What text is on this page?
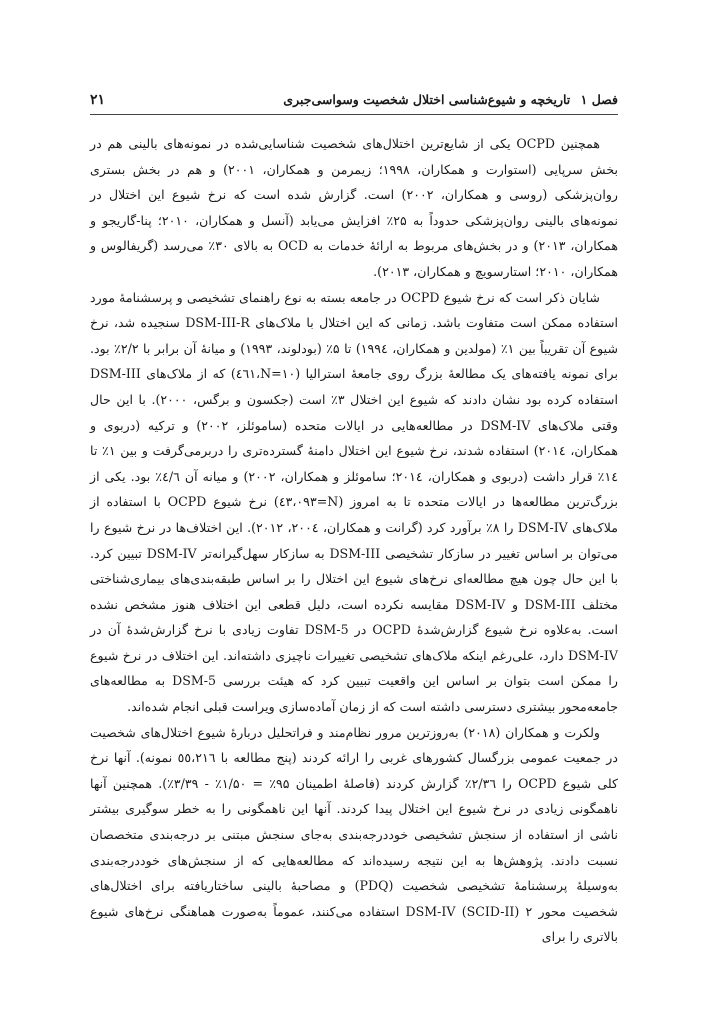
فصل ۱ تاریخچه و شیوع‌شناسی اختلال شخصیت وسواسی‌جبری
۲۱

همچنین OCPD یکی از شایع‌ترین اختلال‌های شخصیت شناسایی‌شده در نمونه‌های بالینی هم در بخش سرپایی (استوارت و همکاران، ۱۹۹۸؛ زیمرمن و همکاران، ۲۰۰۱) و هم در بخش بستری روان‌پزشکی (روسی و همکاران، ۲۰۰۲) است. گزارش شده است که نرخ شیوع این اختلال در نمونه‌های بالینی روان‌پزشکی حدوداً به ۲۵٪ افزایش می‌یابد (آنسل و همکاران، ۲۰۱۰؛ پنا-گاریجو و همکاران، ۲۰۱۳) و در بخش‌های مربوط به ارائهٔ خدمات به OCD به بالای ۳۰٪ می‌رسد (گریفالوس و همکاران، ۲۰۱۰؛ استارسویچ و همکاران، ۲۰۱۳).

شایان ذکر است که نرخ شیوع OCPD در جامعه بسته به نوع راهنمای تشخیصی و پرسشنامهٔ مورد استفاده ممکن است متفاوت باشد. زمانی که این اختلال با ملاک‌های DSM-III-R سنجیده شد، نرخ شیوع آن تقریباً بین ۱٪ (مولدین و همکاران، ۱۹۹٤) تا ۵٪ (بودلوند، ۱۹۹۳) و میانهٔ آن برابر با ۲/۲٪ بود. برای نمونه یافته‌های یک مطالعهٔ بزرگ روی جامعهٔ استرالیا (N=۱۰،٤٦۱) که از ملاک‌های DSM-III استفاده کرده بود نشان دادند که شیوع این اختلال ۳٪ است (جکسون و برگس، ۲۰۰۰). با این حال وقتی ملاک‌های DSM-IV در مطالعه‌هایی در ایالات متحده (ساموئلز، ۲۰۰۲) و ترکیه (دربوی و همکاران، ۲۰۱٤) استفاده شدند، نرخ شیوع این اختلال دامنهٔ گسترده‌تری را دربرمی‌گرفت و بین ۱٪ تا ۱٤٪ قرار داشت (دربوی و همکاران، ۲۰۱٤؛ ساموئلز و همکاران، ۲۰۰۲) و میانه آن ٤/٦٪ بود. یکی از بزرگ‌ترین مطالعه‌ها در ایالات متحده تا به امروز (N=٤۳،۰۹۳) نرخ شیوع OCPD با استفاده از ملاک‌های DSM-IV را ۸٪ برآورد کرد (گرانت و همکاران، ۲۰۰٤، ۲۰۱۲). این اختلاف‌ها در نرخ شیوع را می‌توان بر اساس تغییر در سازکار تشخیصی DSM-III به سازکار سهل‌گیرانه‌تر DSM-IV تبیین کرد. با این حال چون هیچ مطالعه‌ای نرخ‌های شیوع این اختلال را بر اساس طبقه‌بندی‌های بیماری‌شناختی مختلف DSM-III و DSM-IV مقایسه نکرده است، دلیل قطعی این اختلاف هنوز مشخص نشده است. به‌علاوه نرخ شیوع گزارش‌شدهٔ OCPD در DSM-5 تفاوت زیادی با نرخ گزارش‌شدهٔ آن در DSM-IV دارد، علی‌رغم اینکه ملاک‌های تشخیصی تغییرات ناچیزی داشته‌اند. این اختلاف در نرخ شیوع را ممکن است بتوان بر اساس این واقعیت تبیین کرد که هیئت بررسی DSM-5 به مطالعه‌های جامعه‌محور بیشتری دسترسی داشته است که از زمان آماده‌سازی ویراست قبلی انجام شده‌اند.

ولکرت و همکاران (۲۰۱۸) به‌روزترین مرور نظام‌مند و فراتحلیل دربارهٔ شیوع اختلال‌های شخصیت در جمعیت عمومی بزرگسال کشورهای غربی را ارائه کردند (پنج مطالعه با ٥٥،۲۱٦ نمونه). آنها نرخ کلی شیوع OCPD را ۲/۳٦٪ گزارش کردند (فاصلهٔ اطمینان ۹۵٪ = ۱/۵۰٪ - ۳/۳۹٪). همچنین آنها ناهمگونی زیادی در نرخ شیوع این اختلال پیدا کردند. آنها این ناهمگونی را به خطر سوگیری بیشتر ناشی از استفاده از سنجش تشخیصی خوددرجه‌بندی به‌جای سنجش مبتنی بر درجه‌بندی متخصصان نسبت دادند. پژوهش‌ها به این نتیجه رسیده‌اند که مطالعه‌هایی که از سنجش‌های خوددرجه‌بندی به‌وسیلهٔ پرسشنامهٔ تشخیصی شخصیت (PDQ) و مصاحبهٔ بالینی ساختاریافته برای اختلال‌های شخصیت محور ۲ DSM-IV (SCID-II) استفاده می‌کنند، عموماً به‌صورت هماهنگی نرخ‌های شیوع بالاتری را برای
